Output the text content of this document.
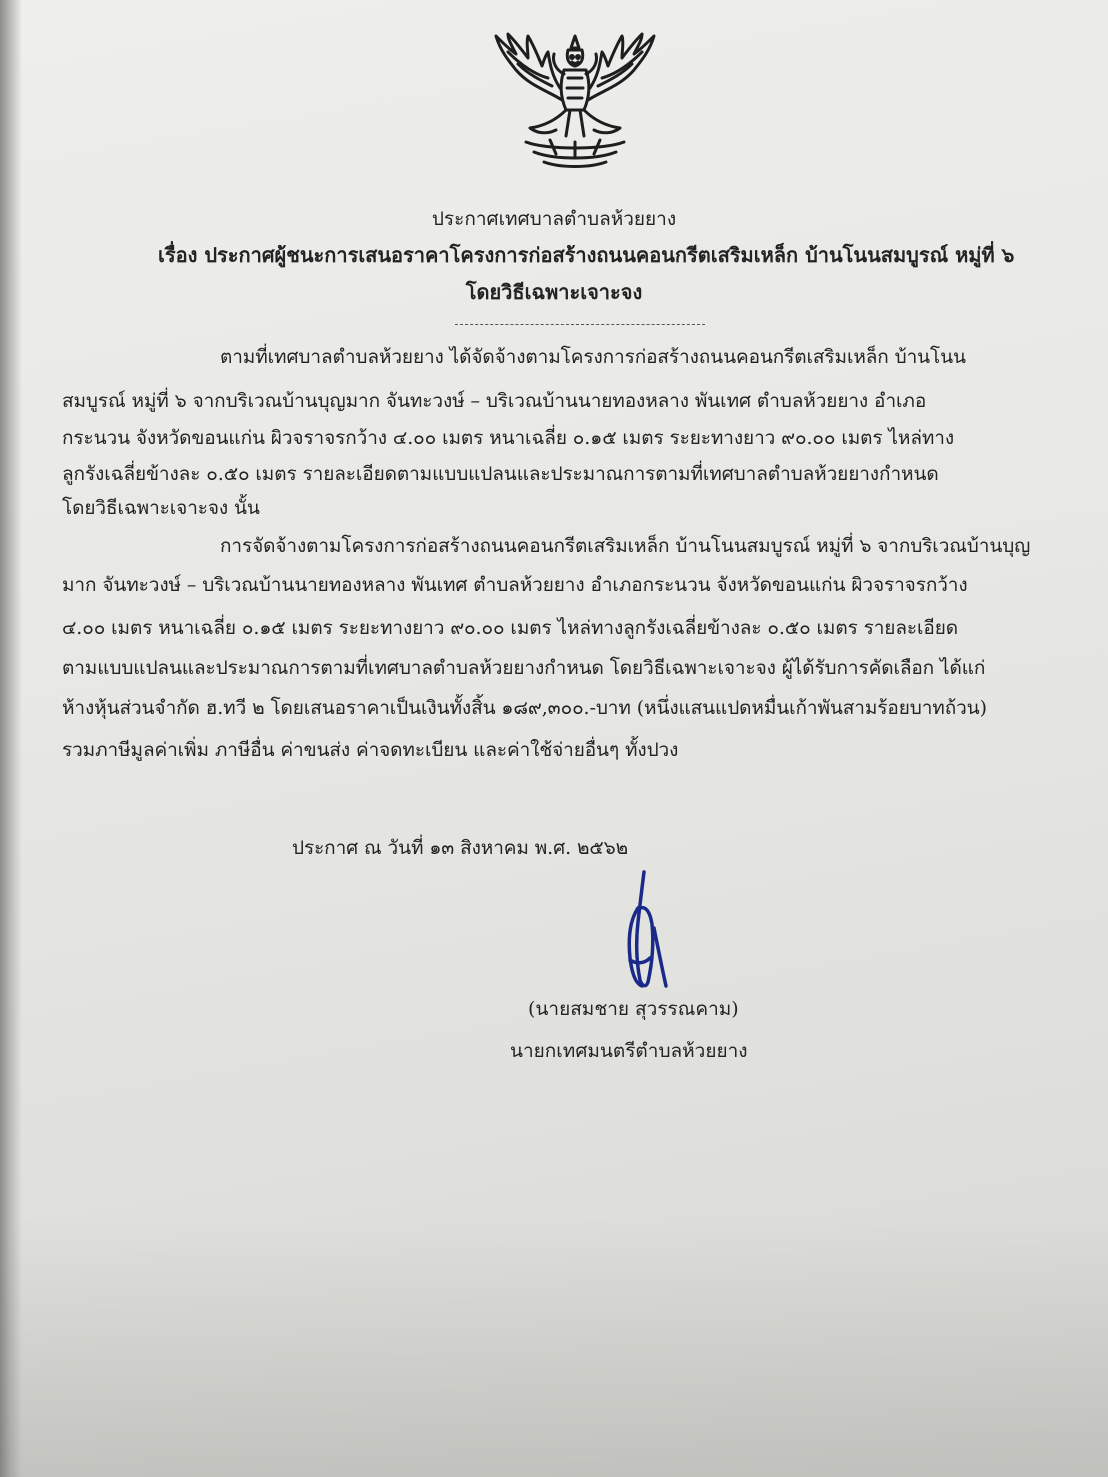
ประกาศเทศบาลตำบลห้วยยาง
เรื่อง ประกาศผู้ชนะการเสนอราคาโครงการก่อสร้างถนนคอนกรีตเสริมเหล็ก บ้านโนนสมบูรณ์ หมู่ที่ ๖
โดยวิธีเฉพาะเจาะจง
ตามที่เทศบาลตำบลห้วยยาง ได้จัดจ้างตามโครงการก่อสร้างถนนคอนกรีตเสริมเหล็ก บ้านโนน
สมบูรณ์ หมู่ที่ ๖ จากบริเวณบ้านบุญมาก จันทะวงษ์ – บริเวณบ้านนายทองหลาง พันเทศ ตำบลห้วยยาง อำเภอ
กระนวน จังหวัดขอนแก่น ผิวจราจรกว้าง ๔.๐๐ เมตร หนาเฉลี่ย ๐.๑๕ เมตร ระยะทางยาว ๙๐.๐๐ เมตร ไหล่ทาง
ลูกรังเฉลี่ยข้างละ ๐.๕๐ เมตร รายละเอียดตามแบบแปลนและประมาณการตามที่เทศบาลตำบลห้วยยางกำหนด
โดยวิธีเฉพาะเจาะจง นั้น
การจัดจ้างตามโครงการก่อสร้างถนนคอนกรีตเสริมเหล็ก บ้านโนนสมบูรณ์ หมู่ที่ ๖ จากบริเวณบ้านบุญ
มาก จันทะวงษ์ – บริเวณบ้านนายทองหลาง พันเทศ ตำบลห้วยยาง อำเภอกระนวน จังหวัดขอนแก่น ผิวจราจรกว้าง
๔.๐๐ เมตร หนาเฉลี่ย ๐.๑๕ เมตร ระยะทางยาว ๙๐.๐๐ เมตร ไหล่ทางลูกรังเฉลี่ยข้างละ ๐.๕๐ เมตร รายละเอียด
ตามแบบแปลนและประมาณการตามที่เทศบาลตำบลห้วยยางกำหนด โดยวิธีเฉพาะเจาะจง ผู้ได้รับการคัดเลือก ได้แก่
ห้างหุ้นส่วนจำกัด ฮ.ทวี ๒ โดยเสนอราคาเป็นเงินทั้งสิ้น ๑๘๙,๓๐๐.-บาท (หนึ่งแสนแปดหมื่นเก้าพันสามร้อยบาทถ้วน)
รวมภาษีมูลค่าเพิ่ม ภาษีอื่น ค่าขนส่ง ค่าจดทะเบียน และค่าใช้จ่ายอื่นๆ ทั้งปวง
ประกาศ ณ วันที่ ๑๓ สิงหาคม พ.ศ. ๒๕๖๒
(นายสมชาย สุวรรณคาม)
นายกเทศมนตรีตำบลห้วยยาง
